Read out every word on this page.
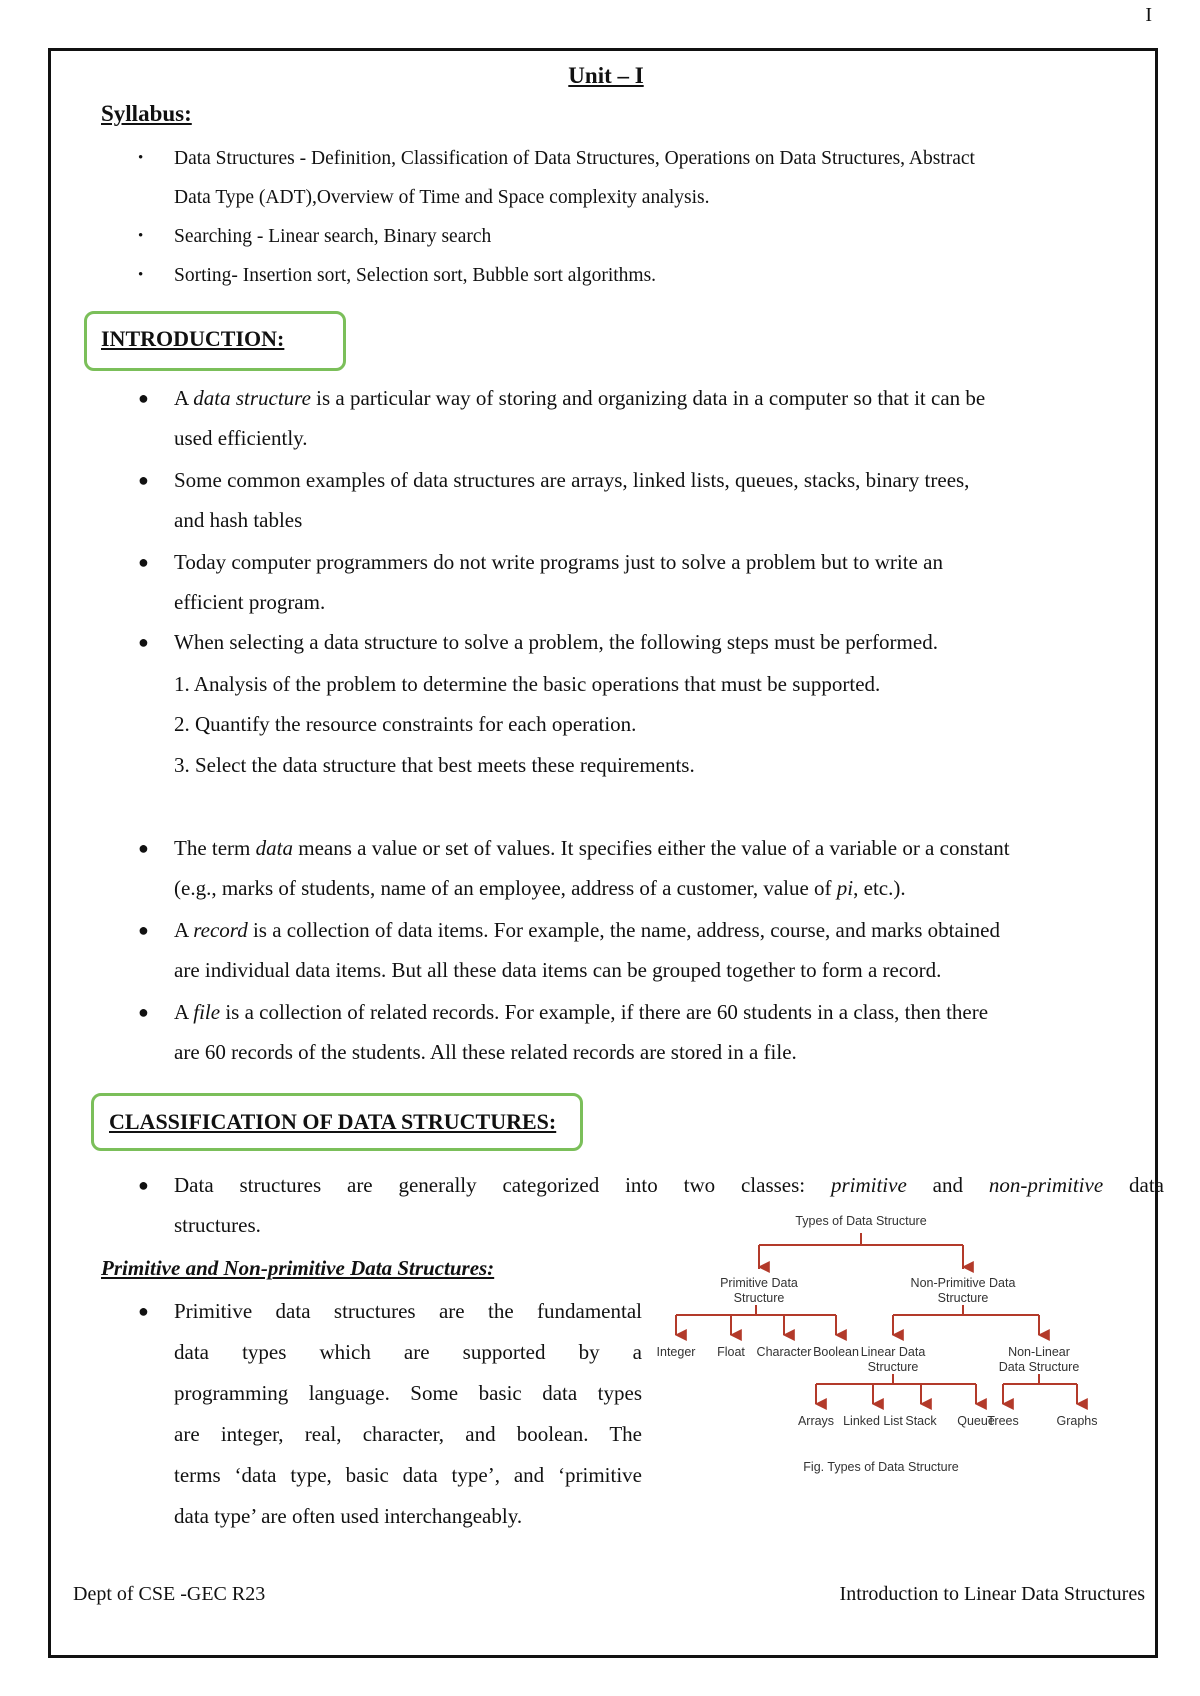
I
Unit – I
Syllabus:
• Data Structures - Definition, Classification of Data Structures, Operations on Data Structures, Abstract
Data Type (ADT),Overview of Time and Space complexity analysis.
• Searching - Linear search, Binary search
• Sorting- Insertion sort, Selection sort, Bubble sort algorithms.
INTRODUCTION:
● A data structure is a particular way of storing and organizing data in a computer so that it can be
used efficiently.
● Some common examples of data structures are arrays, linked lists, queues, stacks, binary trees,
and hash tables
● Today computer programmers do not write programs just to solve a problem but to write an
efficient program.
● When selecting a data structure to solve a problem, the following steps must be performed.
1. Analysis of the problem to determine the basic operations that must be supported.
2. Quantify the resource constraints for each operation.
3. Select the data structure that best meets these requirements.
● The term data means a value or set of values. It specifies either the value of a variable or a constant
(e.g., marks of students, name of an employee, address of a customer, value of pi, etc.).
● A record is a collection of data items. For example, the name, address, course, and marks obtained
are individual data items. But all these data items can be grouped together to form a record.
● A file is a collection of related records. For example, if there are 60 students in a class, then there
are 60 records of the students. All these related records are stored in a file.
CLASSIFICATION OF DATA STRUCTURES:
● Data structures are generally categorized into two classes: primitive and non-primitive data
structures.
Primitive and Non-primitive Data Structures:
● Primitive data structures are the fundamental
data types which are supported by a
programming language. Some basic data types
are integer, real, character, and boolean. The
terms ‘data type, basic data type’, and ‘primitive
data type’ are often used interchangeably.
Types of Data Structure
Primitive Data
Structure
Non-Primitive Data
Structure
Integer Float Character Boolean Linear Data
Structure
Non-Linear
Data Structure
Arrays Linked List Stack Queue
Trees	Graphs
Fig. Types of Data Structure
Dept of CSE -GEC R23	Introduction to Linear Data Structures
